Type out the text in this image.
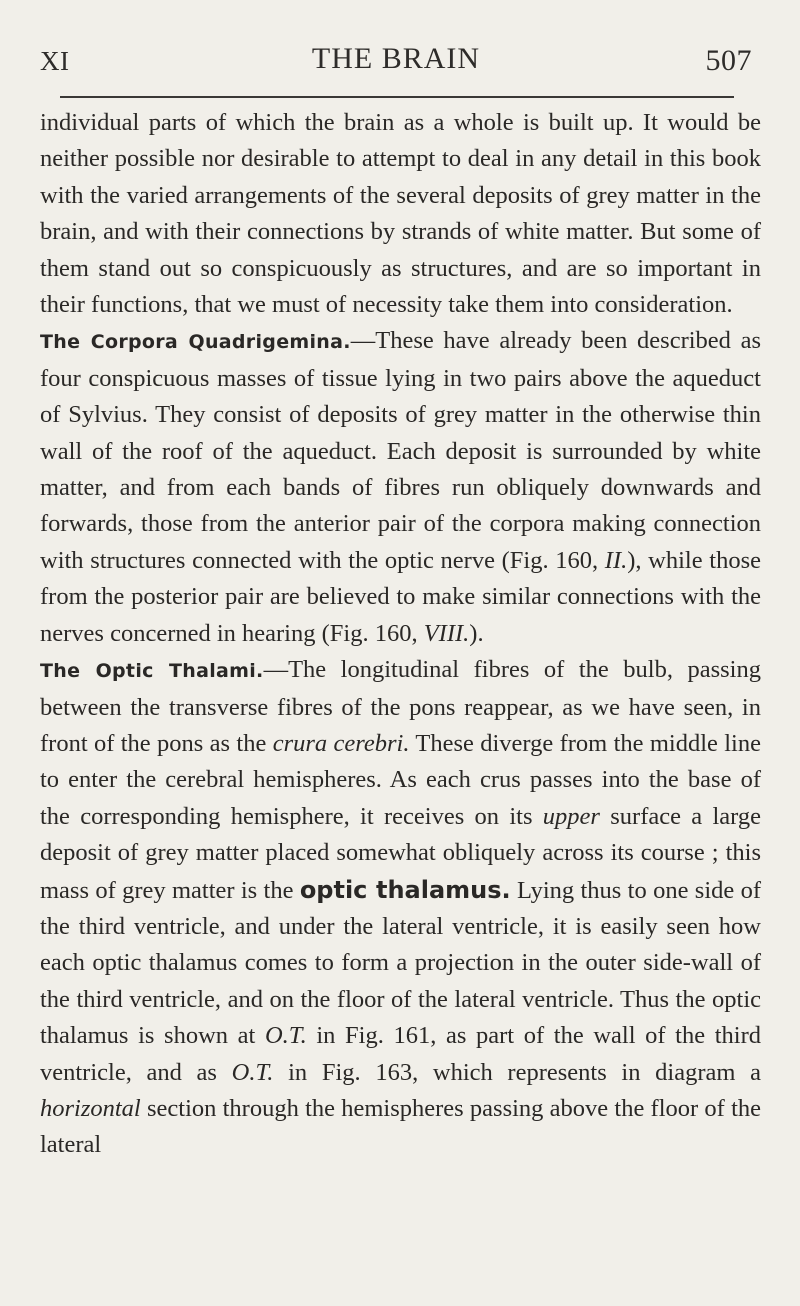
XI	THE BRAIN	507

individual parts of which the brain as a whole is built up. It would be neither possible nor desirable to attempt to deal in any detail in this book with the varied arrangements of the several deposits of grey matter in the brain, and with their connections by strands of white matter. But some of them stand out so conspicuously as structures, and are so important in their functions, that we must of necessity take them into consideration.

The Corpora Quadrigemina.—These have already been described as four conspicuous masses of tissue lying in two pairs above the aqueduct of Sylvius. They consist of deposits of grey matter in the otherwise thin wall of the roof of the aqueduct. Each deposit is surrounded by white matter, and from each bands of fibres run obliquely downwards and forwards, those from the anterior pair of the corpora making connection with structures connected with the optic nerve (Fig. 160, II.), while those from the posterior pair are believed to make similar connections with the nerves concerned in hearing (Fig. 160, VIII.).

The Optic Thalami.—The longitudinal fibres of the bulb, passing between the transverse fibres of the pons reappear, as we have seen, in front of the pons as the crura cerebri. These diverge from the middle line to enter the cerebral hemispheres. As each crus passes into the base of the corresponding hemisphere, it receives on its upper surface a large deposit of grey matter placed somewhat obliquely across its course ; this mass of grey matter is the optic thalamus. Lying thus to one side of the third ventricle, and under the lateral ventricle, it is easily seen how each optic thalamus comes to form a projection in the outer side-wall of the third ventricle, and on the floor of the lateral ventricle. Thus the optic thalamus is shown at O.T. in Fig. 161, as part of the wall of the third ventricle, and as O.T. in Fig. 163, which represents in diagram a horizontal section through the hemispheres passing above the floor of the lateral
